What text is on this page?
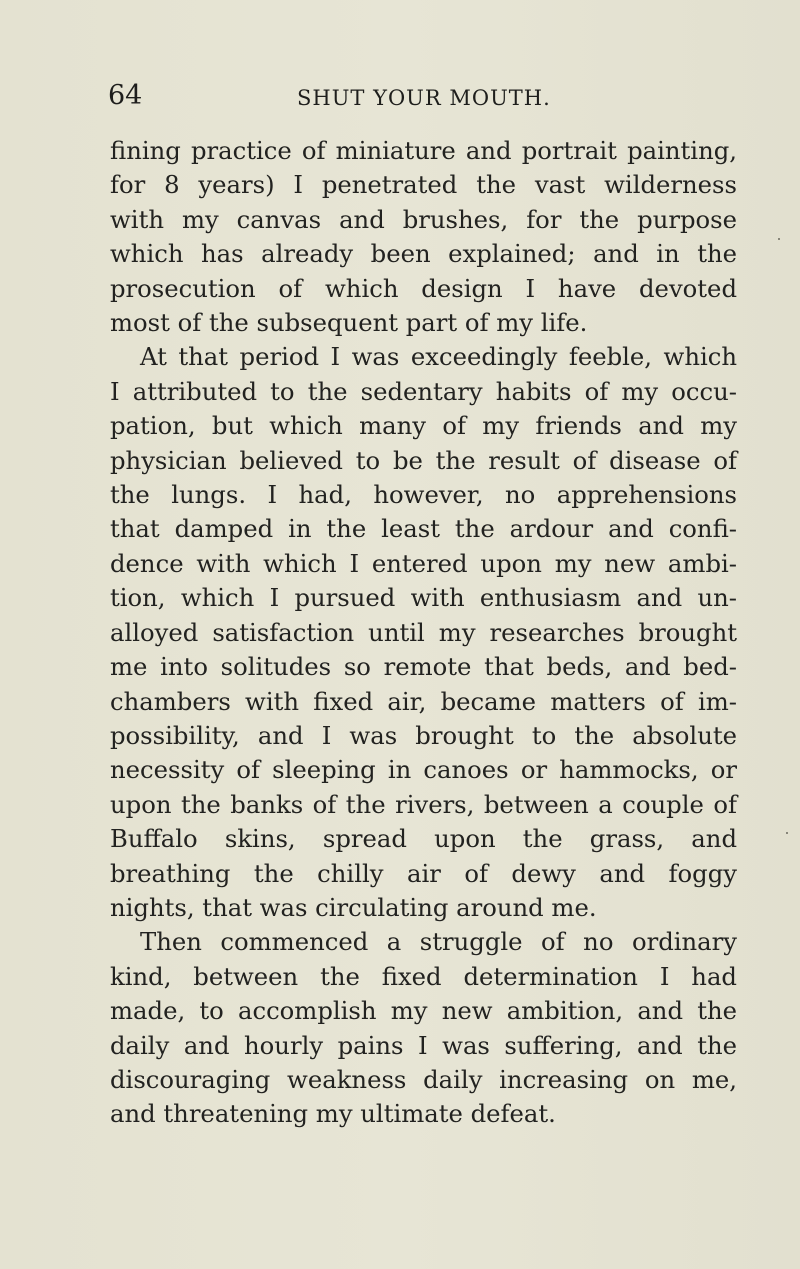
64	SHUT YOUR MOUTH.
fining practice of miniature and portrait painting,
for 8 years) I penetrated the vast wilderness
with my canvas and brushes, for the purpose
which has already been explained; and in the
prosecution of which design I have devoted
most of the subsequent part of my life.
At that period I was exceedingly feeble, which
I attributed to the sedentary habits of my occu-
pation, but which many of my friends and my
physician believed to be the result of disease of
the lungs. I had, however, no apprehensions
that damped in the least the ardour and confi-
dence with which I entered upon my new ambi-
tion, which I pursued with enthusiasm and un-
alloyed satisfaction until my researches brought
me into solitudes so remote that beds, and bed-
chambers with fixed air, became matters of im-
possibility, and I was brought to the absolute
necessity of sleeping in canoes or hammocks, or
upon the banks of the rivers, between a couple of
Buffalo skins, spread upon the grass, and
breathing the chilly air of dewy and foggy
nights, that was circulating around me.
Then commenced a struggle of no ordinary
kind, between the fixed determination I had
made, to accomplish my new ambition, and the
daily and hourly pains I was suffering, and the
discouraging weakness daily increasing on me,
and threatening my ultimate defeat.
